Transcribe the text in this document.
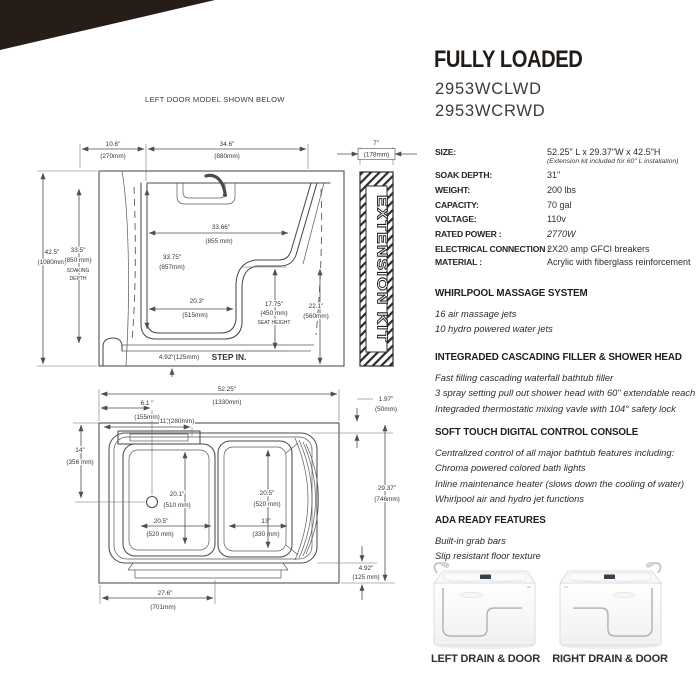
LEFT DOOR MODEL SHOWN BELOW
10.6"
(270mm)
34.6"
(880mm)
7"
(178mm)
42.5"
(1080mm)
33.5"
(850 mm)
SOAKING
DEPTH
33.66"
(855 mm)
33.75"
(857mm)
20.3"
(515mm)
17.75"
(450 mm)
SEAT HEIGHT
22.1"
(560mm)
4.92"(125mm) STEP IN.
EXTENSION KIT
52.25"
(1330mm)
6.1 "
(155mm)
11"(280mm)
14"
(356 mm)
1.97"
(50mm)
29.37"
(746mm)
20.1"
(510 mm)
20.5"
(520 mm)
13"
(330 mm)
20.5"
(520 mm)
27.6"
(701mm)
4.92"
(125 mm)
FULLY LOADED
2953WCLWD
2953WCRWD
SIZE:	52.25" L x 29.37"W x 42.5"H
(Extension kit included for 60" L installation)
SOAK DEPTH:	31"
WEIGHT:	200 lbs
CAPACITY:	70 gal
VOLTAGE:	110v
RATED POWER :	2770W
ELECTRICAL CONNECTION :
2X20 amp GFCI breakers
MATERIAL :	Acrylic with fiberglass reinforcement
WHIRLPOOL MASSAGE SYSTEM
16 air massage jets
10 hydro powered water jets
INTEGRADED CASCADING FILLER & SHOWER HEAD
Fast filling cascading waterfall bathtub filler
3 spray setting pull out shower head with 60" extendable reach
Integraded thermostatic mixing vavle with 104° safety lock
SOFT TOUCH DIGITAL CONTROL CONSOLE
Centralized control of all major bathtub features including:
Chroma powered colored bath lights
Inline maintenance heater (slows down the cooling of water)
Whirlpool air and hydro jet functions
ADA READY FEATURES
Built-in grab bars
Slip resistant floor texture
LEFT DRAIN & DOOR RIGHT DRAIN & DOOR
